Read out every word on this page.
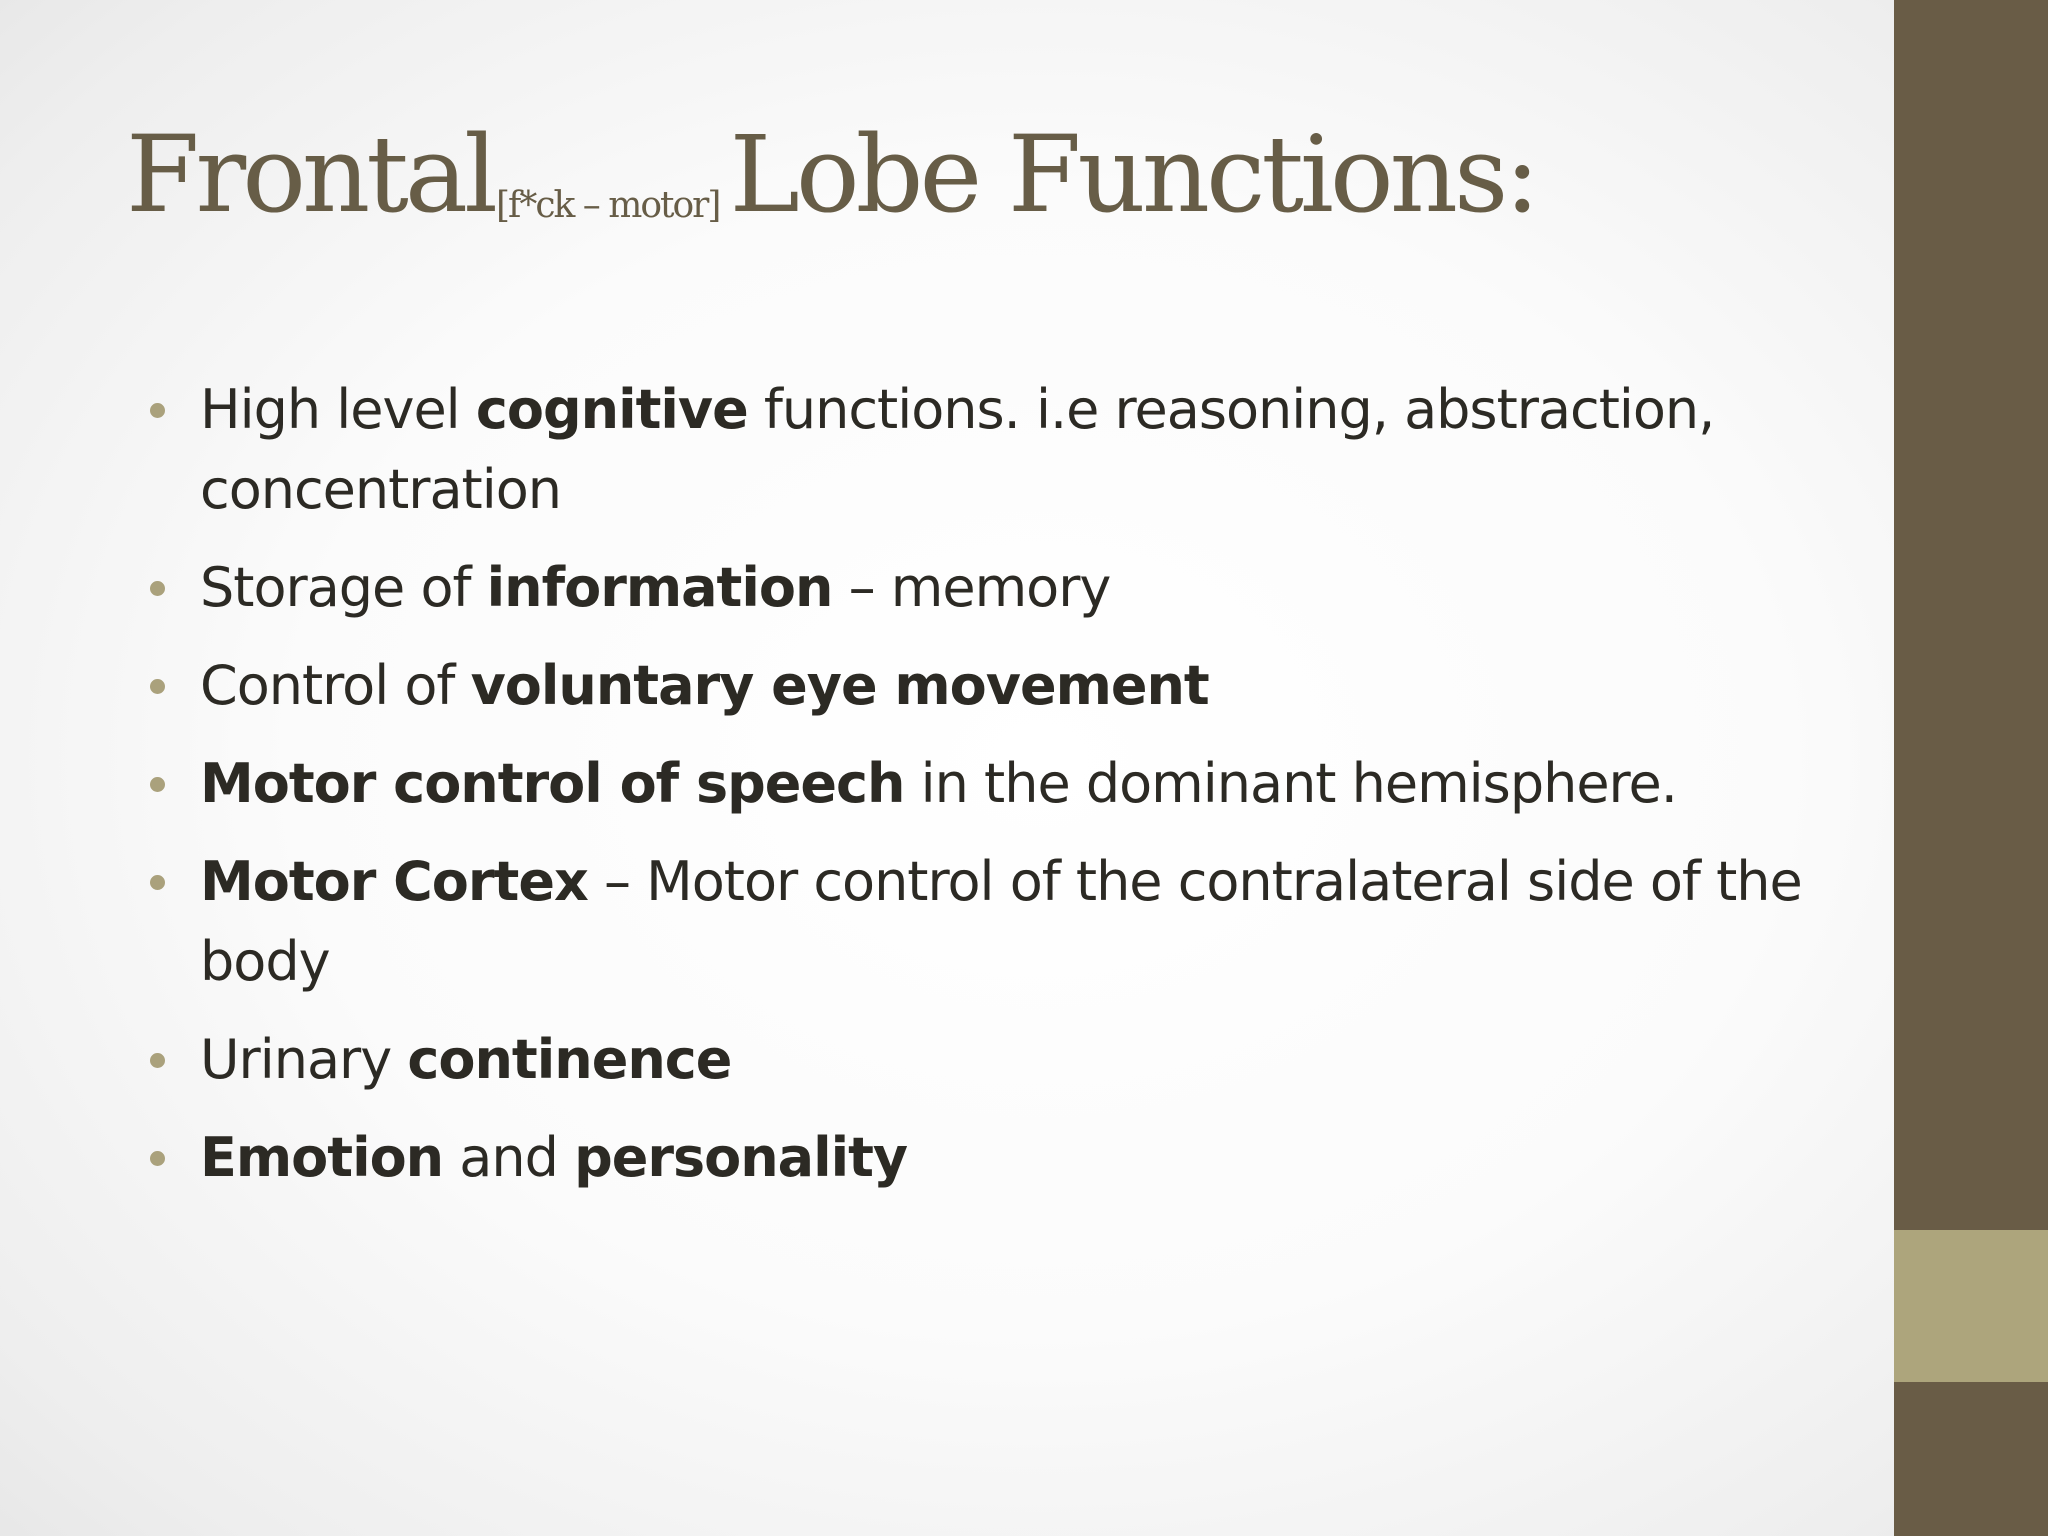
Frontal[f*ck – motor]Lobe Functions:
High level cognitive functions. i.e reasoning, abstraction, concentration
Storage of information – memory
Control of voluntary eye movement
Motor control of speech in the dominant hemisphere.
Motor Cortex – Motor control of the contralateral side of the body
Urinary continence
Emotion and personality
